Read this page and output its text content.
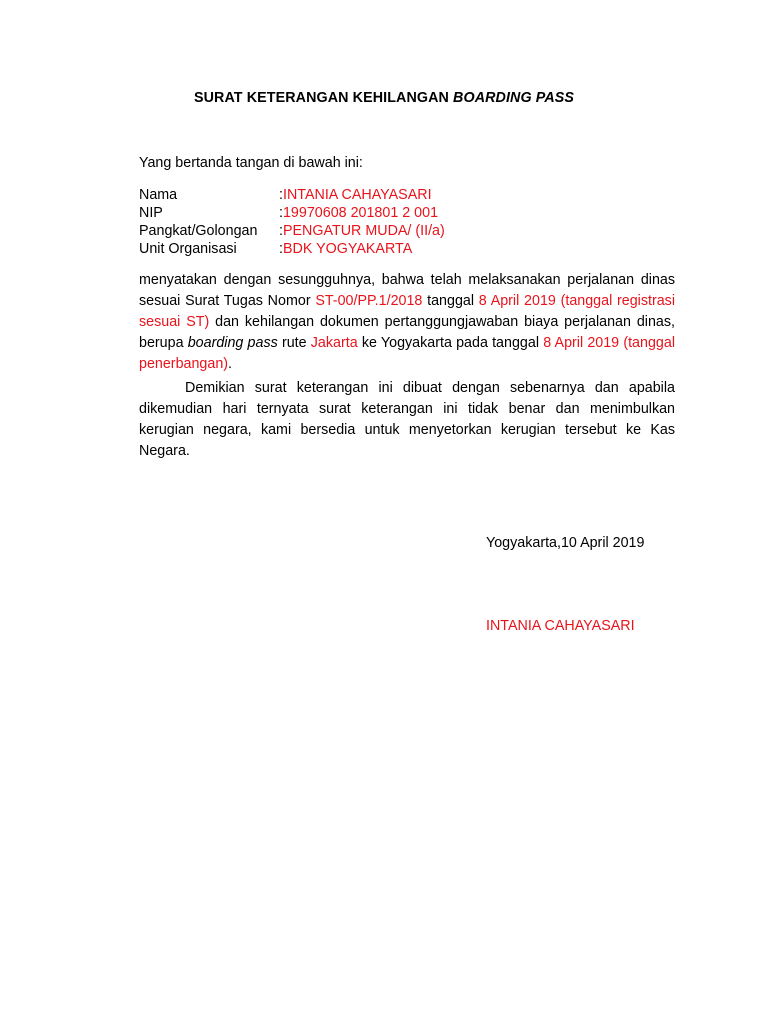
SURAT KETERANGAN KEHILANGAN BOARDING PASS
Yang bertanda tangan di bawah ini:
Nama	: INTANIA CAHAYASARI
NIP	: 19970608 201801 2 001
Pangkat/Golongan	: PENGATUR MUDA/ (II/a)
Unit Organisasi	: BDK YOGYAKARTA
menyatakan dengan sesungguhnya, bahwa telah melaksanakan perjalanan dinas sesuai Surat Tugas Nomor ST-00/PP.1/2018 tanggal 8 April 2019 (tanggal registrasi sesuai ST) dan kehilangan dokumen pertanggungjawaban biaya perjalanan dinas, berupa boarding pass rute Jakarta ke Yogyakarta pada tanggal 8 April 2019 (tanggal penerbangan).
Demikian surat keterangan ini dibuat dengan sebenarnya dan apabila dikemudian hari ternyata surat keterangan ini tidak benar dan menimbulkan kerugian negara, kami bersedia untuk menyetorkan kerugian tersebut ke Kas Negara.
Yogyakarta,10 April 2019
INTANIA CAHAYASARI
